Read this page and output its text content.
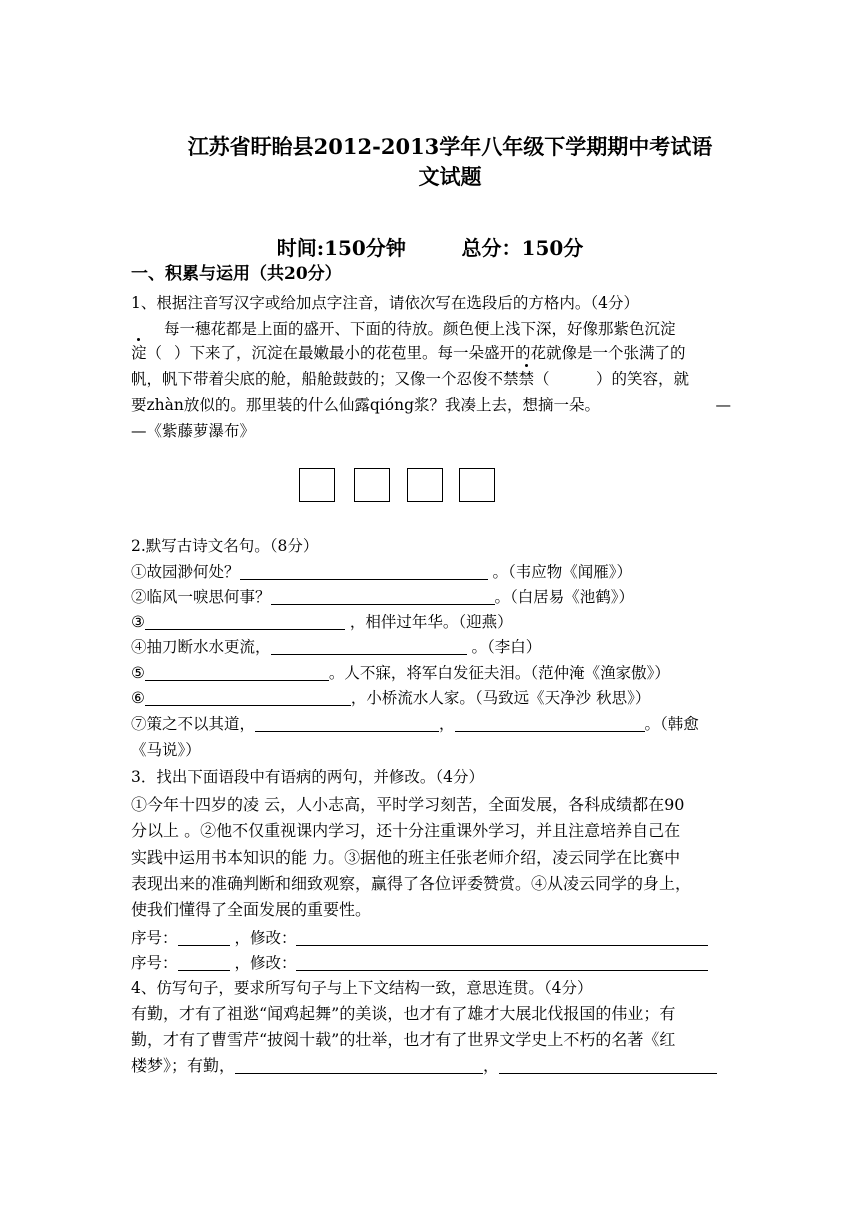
江苏省盱眙县2012-2013学年八年级下学期期中考试语
文试题
时间:150分钟	总分：150分
一、积累与运用（共20分）
1、根据注音写汉字或给加点字注音，请依次写在选段后的方格内。（4分）
每一穗花都是上面的盛开、下面的待放。颜色便上浅下深，好像那紫色沉淀
淀（ ）下来了，沉淀在最嫩最小的花苞里。每一朵盛开的花就像是一个张满了的
帆，帆下带着尖底的舱，船舱鼓鼓的；又像一个忍俊不禁禁（　　　）的笑容，就
要zhàn放似的。那里装的什么仙露qióng浆？我凑上去，想摘一朵。	—
—《紫藤萝瀑布》
2.默写古诗文名句。（8分）
①故园渺何处？	。（韦应物《闻雁》）
②临风一唳思何事？	。（白居易《池鹤》）
③	，相伴过年华。（迎燕）
④抽刀断水水更流，	。（李白）
⑤	。人不寐，将军白发征夫泪。（范仲淹《渔家傲》）
⑥	，小桥流水人家。（马致远《天净沙 秋思》）
⑦策之不以其道，	，	。（韩愈
《马说》）
3．找出下面语段中有语病的两句，并修改。（4分）
①今年十四岁的凌 云，人小志高，平时学习刻苦，全面发展，各科成绩都在90
分以上 。②他不仅重视课内学习，还十分注重课外学习，并且注意培养自己在
实践中运用书本知识的能 力。③据他的班主任张老师介绍，凌云同学在比赛中
表现出来的准确判断和细致观察，赢得了各位评委赞赏。④从凌云同学的身上，
使我们懂得了全面发展的重要性。
序号：	，修改：
序号：	，修改：
4、仿写句子，要求所写句子与上下文结构一致，意思连贯。（4分）
有勤，才有了祖逖“闻鸡起舞”的美谈，也才有了雄才大展北伐报国的伟业；有
勤，才有了曹雪芹“披阅十载”的壮举，也才有了世界文学史上不朽的名著《红
楼梦》；有勤，	，
